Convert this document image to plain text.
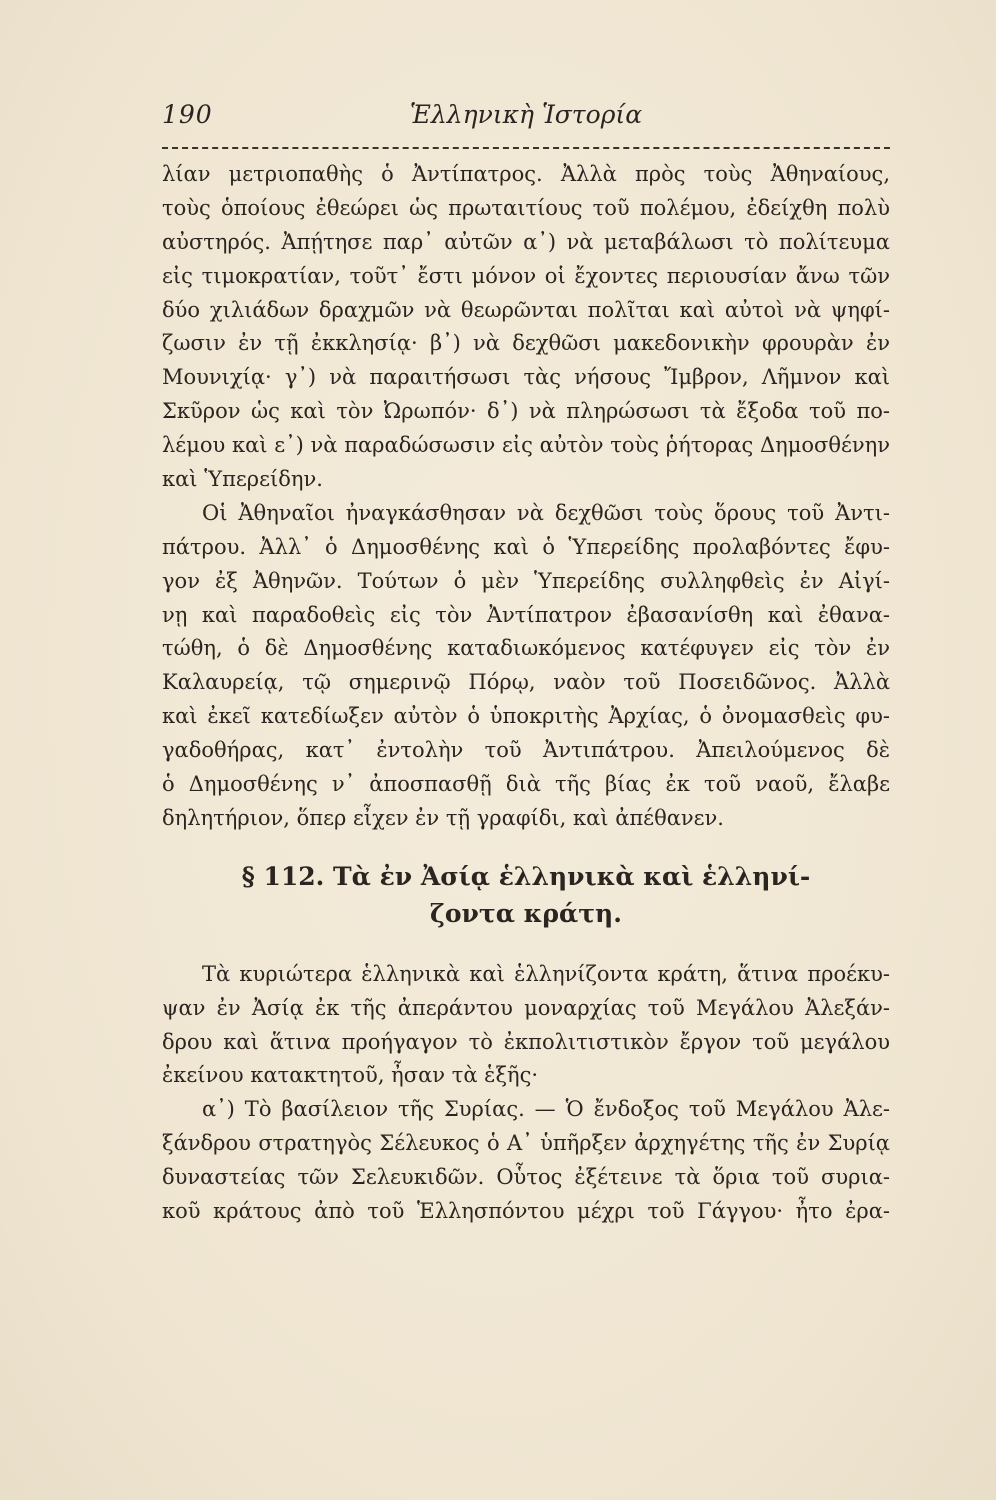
190	Ἑλληνικὴ Ἱστορία
λίαν μετριοπαθὴς ὁ Ἀντίπατρος. Ἀλλὰ πρὸς τοὺς Ἀθηναίους,
τοὺς ὁποίους ἐθεώρει ὡς πρωταιτίους τοῦ πολέμου, ἐδείχθη πολὺ
αὐστηρός. Ἀπῄτησε παρ᾽ αὐτῶν α᾽) νὰ μεταβάλωσι τὸ πολίτευμα
εἰς τιμοκρατίαν, τοῦτ᾽ ἔστι μόνον οἱ ἔχοντες περιουσίαν ἄνω τῶν
δύο χιλιάδων δραχμῶν νὰ θεωρῶνται πολῖται καὶ αὐτοὶ νὰ ψηφί-
ζωσιν ἐν τῇ ἐκκλησίᾳ· β᾽) νὰ δεχθῶσι μακεδονικὴν φρουρὰν ἐν
Μουνιχίᾳ· γ᾽) νὰ παραιτήσωσι τὰς νήσους Ἴμβρον, Λῆμνον καὶ
Σκῦρον ὡς καὶ τὸν Ὠρωπόν· δ᾽) νὰ πληρώσωσι τὰ ἔξοδα τοῦ πο-
λέμου καὶ ε᾽) νὰ παραδώσωσιν εἰς αὐτὸν τοὺς ῥήτορας Δημοσθένην
καὶ Ὑπερείδην.
Οἱ Ἀθηναῖοι ἠναγκάσθησαν νὰ δεχθῶσι τοὺς ὅρους τοῦ Ἀντι-
πάτρου. Ἀλλ᾽ ὁ Δημοσθένης καὶ ὁ Ὑπερείδης προλαβόντες ἔφυ-
γον ἐξ Ἀθηνῶν. Τούτων ὁ μὲν Ὑπερείδης συλληφθεὶς ἐν Αἰγί-
νῃ καὶ παραδοθεὶς εἰς τὸν Ἀντίπατρον ἐβασανίσθη καὶ ἐθανα-
τώθη, ὁ δὲ Δημοσθένης καταδιωκόμενος κατέφυγεν εἰς τὸν ἐν
Καλαυρείᾳ, τῷ σημερινῷ Πόρῳ, ναὸν τοῦ Ποσειδῶνος. Ἀλλὰ
καὶ ἐκεῖ κατεδίωξεν αὐτὸν ὁ ὑποκριτὴς Ἀρχίας, ὁ ὀνομασθεὶς φυ-
γαδοθήρας, κατ᾽ ἐντολὴν τοῦ Ἀντιπάτρου. Ἀπειλούμενος δὲ
ὁ Δημοσθένης ν᾽ ἀποσπασθῇ διὰ τῆς βίας ἐκ τοῦ ναοῦ, ἔλαβε
δηλητήριον, ὅπερ εἶχεν ἐν τῇ γραφίδι, καὶ ἀπέθανεν.
§ 112. Τὰ ἐν Ἀσίᾳ ἑλληνικὰ καὶ ἑλληνί-
ζοντα κράτη.
Τὰ κυριώτερα ἑλληνικὰ καὶ ἑλληνίζοντα κράτη, ἅτινα προέκυ-
ψαν ἐν Ἀσίᾳ ἐκ τῆς ἀπεράντου μοναρχίας τοῦ Μεγάλου Ἀλεξάν-
δρου καὶ ἅτινα προήγαγον τὸ ἐκπολιτιστικὸν ἔργον τοῦ μεγάλου
ἐκείνου κατακτητοῦ, ἦσαν τὰ ἑξῆς·
α᾽) Τὸ βασίλειον τῆς Συρίας. — Ὁ ἔνδοξος τοῦ Μεγάλου Ἀλε-
ξάνδρου στρατηγὸς Σέλευκος ὁ Α᾽ ὑπῆρξεν ἀρχηγέτης τῆς ἐν Συρίᾳ
δυναστείας τῶν Σελευκιδῶν. Οὗτος ἐξέτεινε τὰ ὅρια τοῦ συρια-
κοῦ κράτους ἀπὸ τοῦ Ἑλλησπόντου μέχρι τοῦ Γάγγου· ἦτο ἐρα-
